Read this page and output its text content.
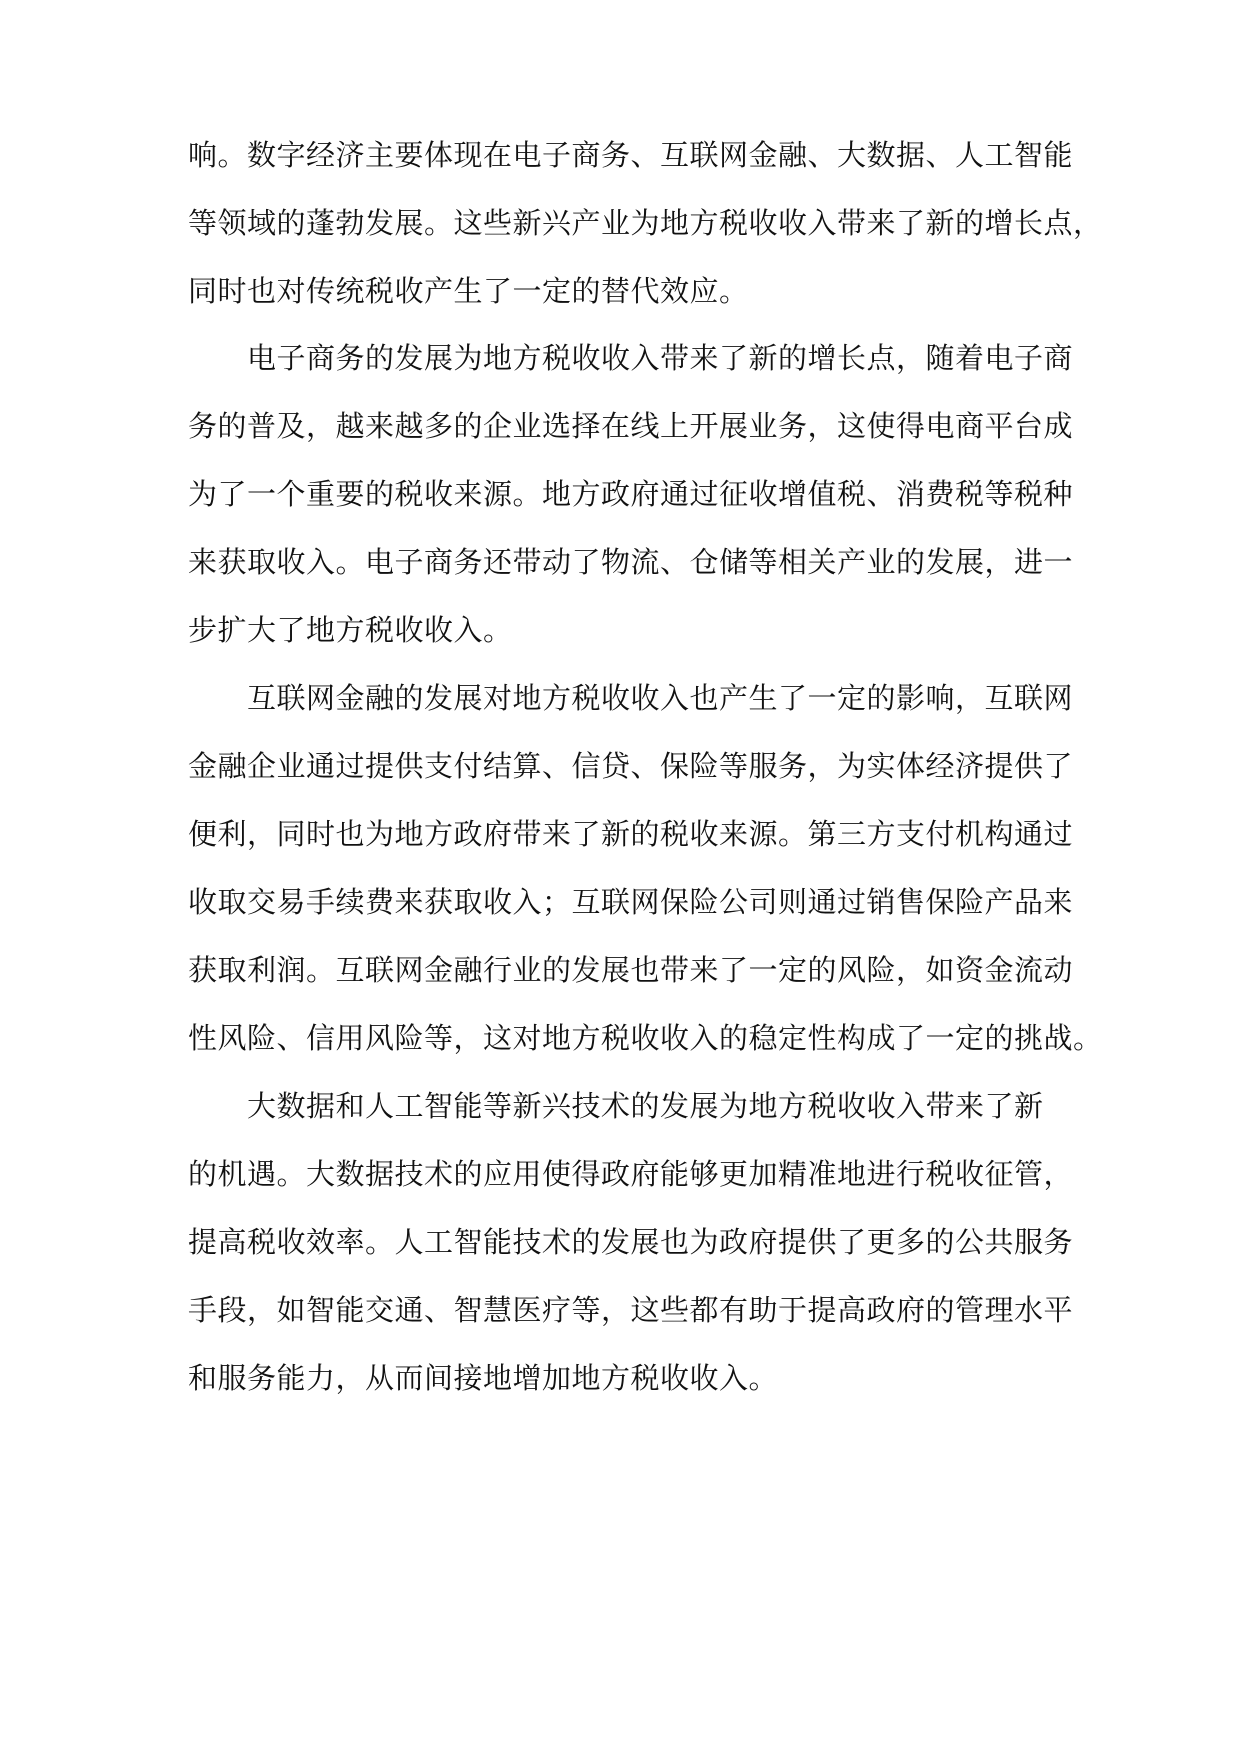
响。数字经济主要体现在电子商务、互联网金融、大数据、人工智能
等领域的蓬勃发展。这些新兴产业为地方税收收入带来了新的增长点，
同时也对传统税收产生了一定的替代效应。
电子商务的发展为地方税收收入带来了新的增长点，随着电子商
务的普及，越来越多的企业选择在线上开展业务，这使得电商平台成
为了一个重要的税收来源。地方政府通过征收增值税、消费税等税种
来获取收入。电子商务还带动了物流、仓储等相关产业的发展，进一
步扩大了地方税收收入。
互联网金融的发展对地方税收收入也产生了一定的影响，互联网
金融企业通过提供支付结算、信贷、保险等服务，为实体经济提供了
便利，同时也为地方政府带来了新的税收来源。第三方支付机构通过
收取交易手续费来获取收入；互联网保险公司则通过销售保险产品来
获取利润。互联网金融行业的发展也带来了一定的风险，如资金流动
性风险、信用风险等，这对地方税收收入的稳定性构成了一定的挑战。
大数据和人工智能等新兴技术的发展为地方税收收入带来了新
的机遇。大数据技术的应用使得政府能够更加精准地进行税收征管，
提高税收效率。人工智能技术的发展也为政府提供了更多的公共服务
手段，如智能交通、智慧医疗等，这些都有助于提高政府的管理水平
和服务能力，从而间接地增加地方税收收入。
